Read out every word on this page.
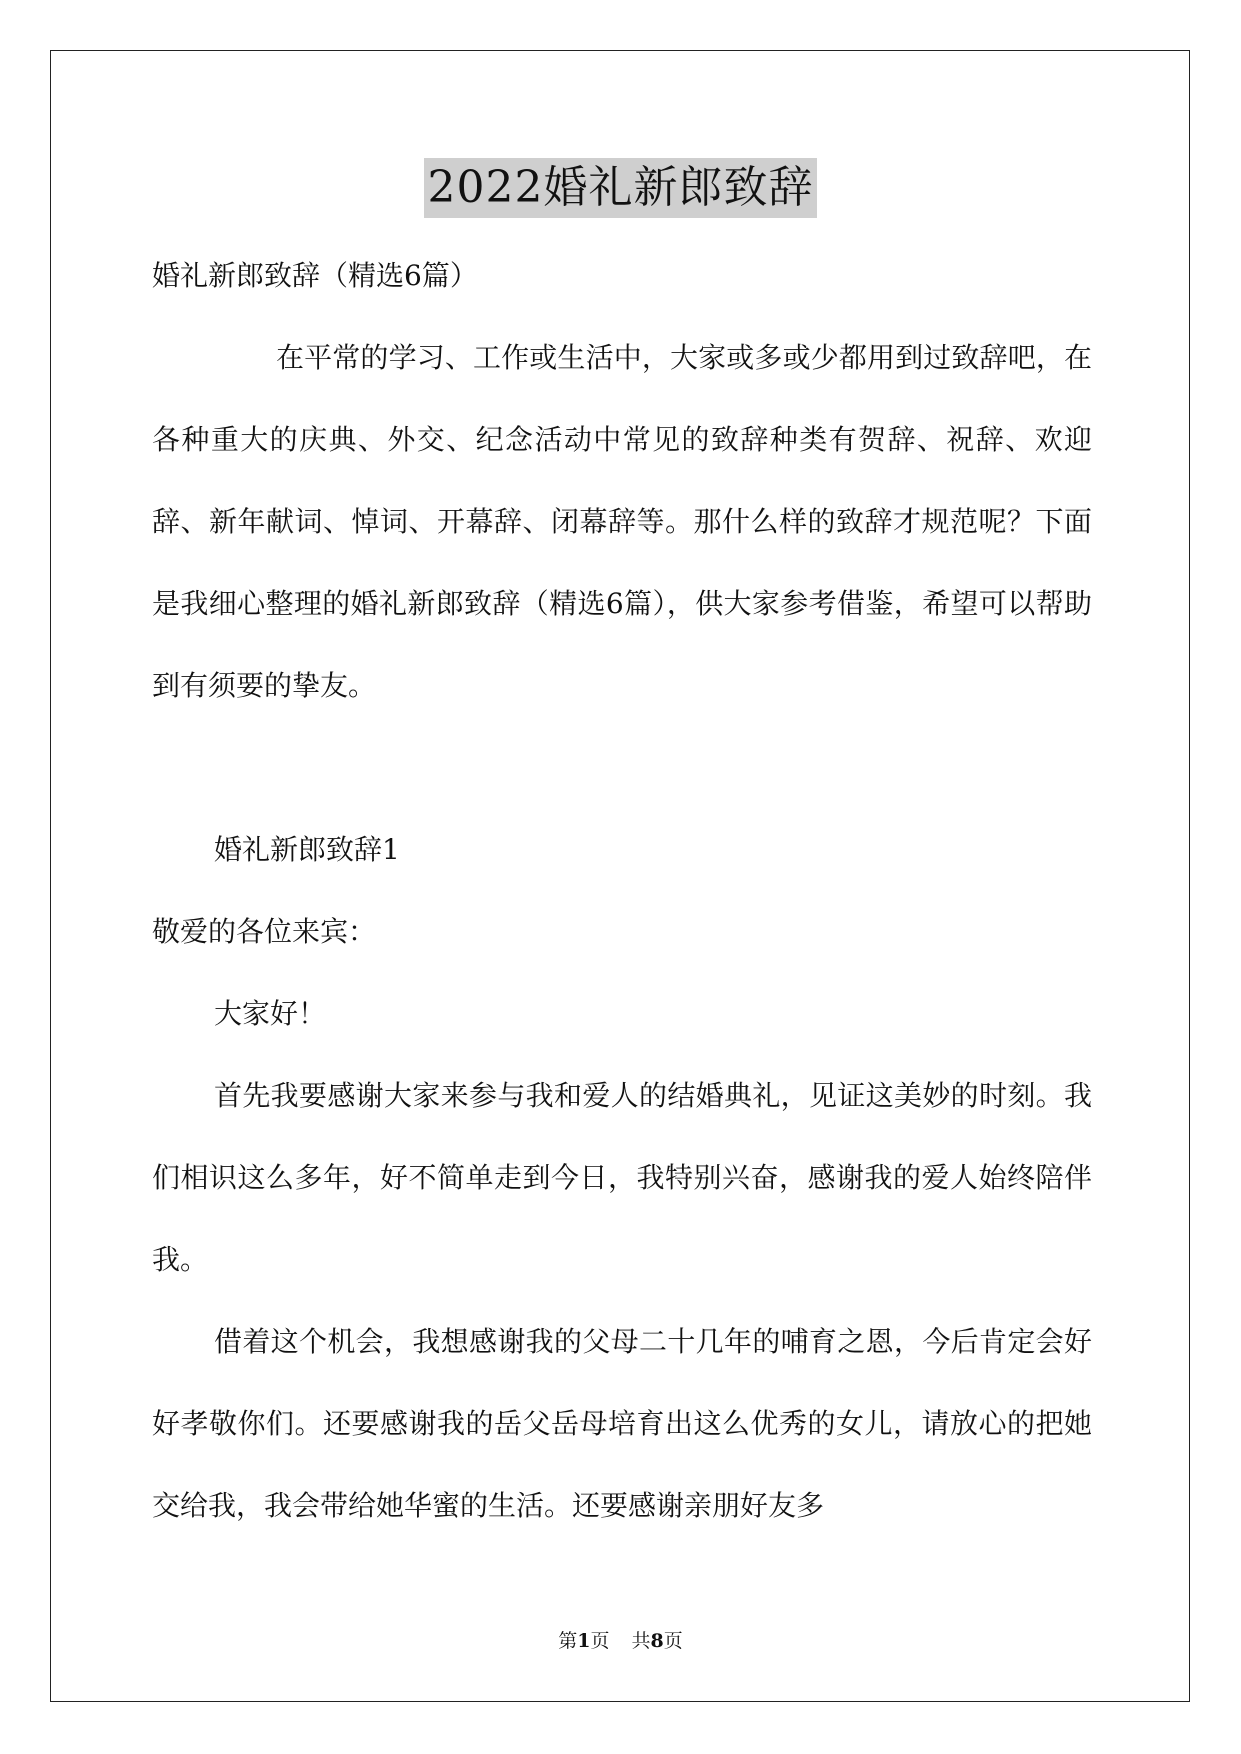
2022婚礼新郎致辞

婚礼新郎致辞（精选6篇）

在平常的学习、工作或生活中，大家或多或少都用到过致辞吧，在各种重大的庆典、外交、纪念活动中常见的致辞种类有贺辞、祝辞、欢迎辞、新年献词、悼词、开幕辞、闭幕辞等。那什么样的致辞才规范呢？下面是我细心整理的婚礼新郎致辞（精选6篇），供大家参考借鉴，希望可以帮助到有须要的挚友。

婚礼新郎致辞1

敬爱的各位来宾：

大家好！

首先我要感谢大家来参与我和爱人的结婚典礼，见证这美妙的时刻。我们相识这么多年，好不简单走到今日，我特别兴奋，感谢我的爱人始终陪伴我。

借着这个机会，我想感谢我的父母二十几年的哺育之恩，今后肯定会好好孝敬你们。还要感谢我的岳父岳母培育出这么优秀的女儿，请放心的把她交给我，我会带给她华蜜的生活。还要感谢亲朋好友多

第1页 共8页
